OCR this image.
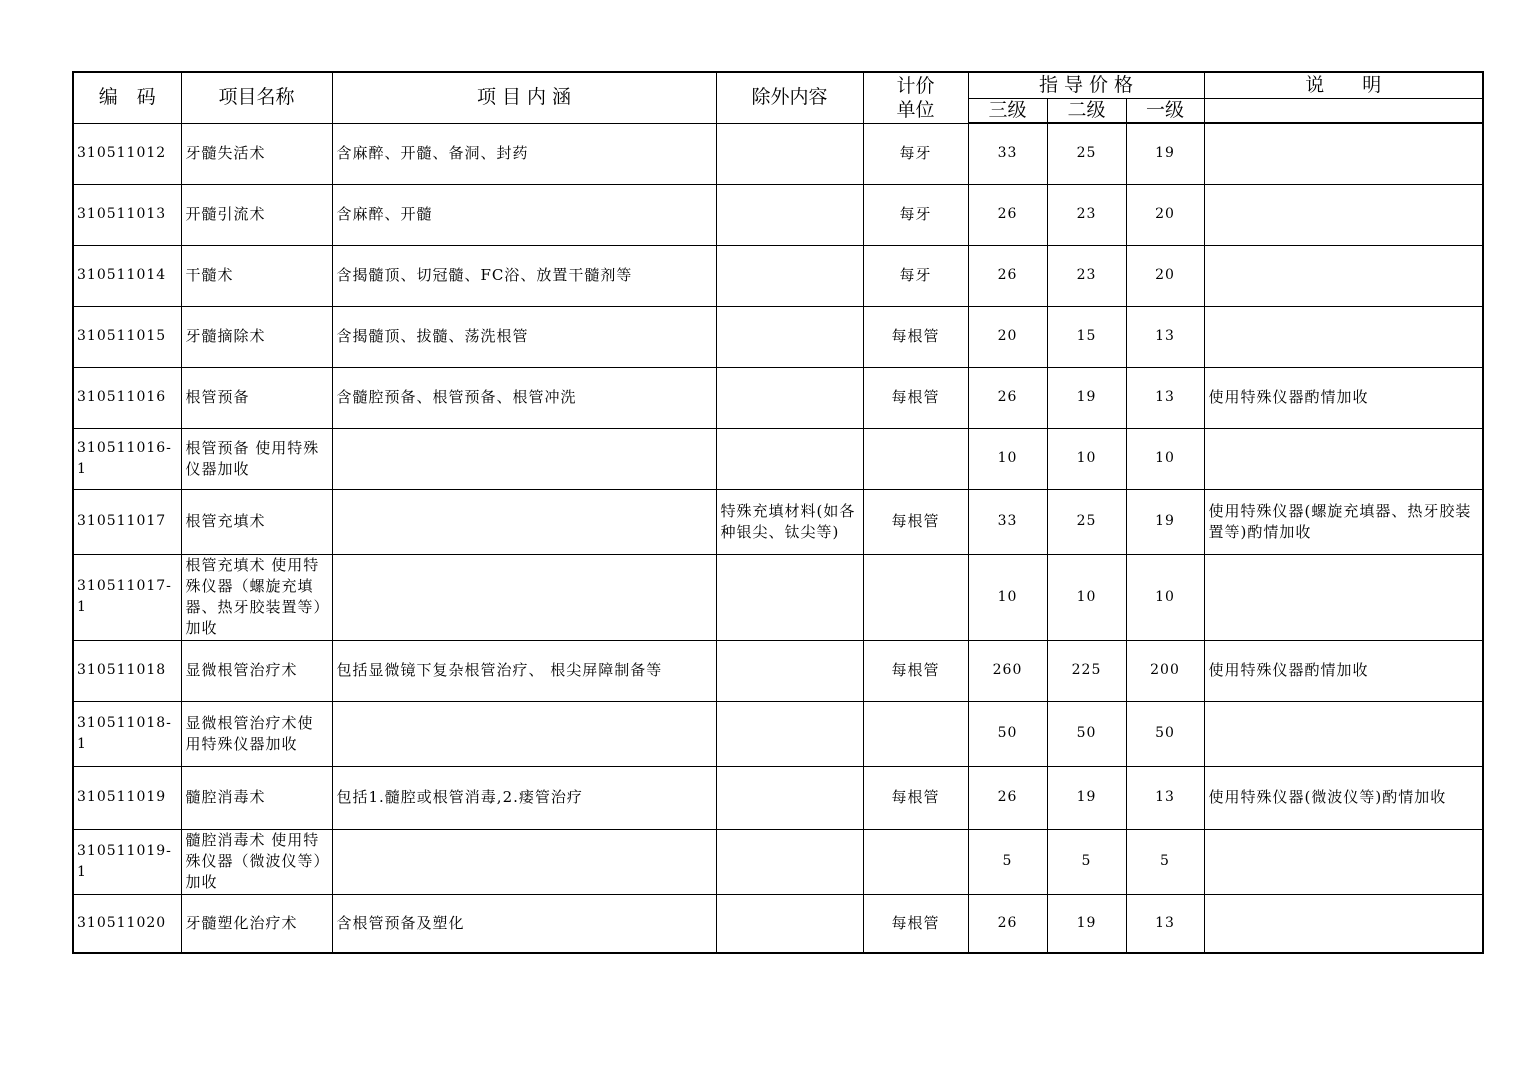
编　码	项目名称	项 目 内 涵	除外内容	计价单位	指 导 价 格			说　　明
					三级	二级	一级	
310511012	牙髓失活术	含麻醉、开髓、备洞、封药		每牙	33	25	19	
310511013	开髓引流术	含麻醉、开髓		每牙	26	23	20	
310511014	干髓术	含揭髓顶、切冠髓、FC浴、放置干髓剂等		每牙	26	23	20	
310511015	牙髓摘除术	含揭髓顶、拔髓、荡洗根管		每根管	20	15	13	
310511016	根管预备	含髓腔预备、根管预备、根管冲洗		每根管	26	19	13	使用特殊仪器酌情加收
310511016-1	根管预备 使用特殊仪器加收				10	10	10	
310511017	根管充填术		特殊充填材料(如各种银尖、钛尖等)	每根管	33	25	19	使用特殊仪器(螺旋充填器、热牙胶装置等)酌情加收
310511017-1	根管充填术 使用特殊仪器（螺旋充填器、热牙胶装置等）加收				10	10	10	
310511018	显微根管治疗术	包括显微镜下复杂根管治疗、 根尖屏障制备等		每根管	260	225	200	使用特殊仪器酌情加收
310511018-1	显微根管治疗术使用特殊仪器加收				50	50	50	
310511019	髓腔消毒术	包括1.髓腔或根管消毒,2.瘘管治疗		每根管	26	19	13	使用特殊仪器(微波仪等)酌情加收
310511019-1	髓腔消毒术 使用特殊仪器（微波仪等）加收				5	5	5	
310511020	牙髓塑化治疗术	含根管预备及塑化		每根管	26	19	13	
